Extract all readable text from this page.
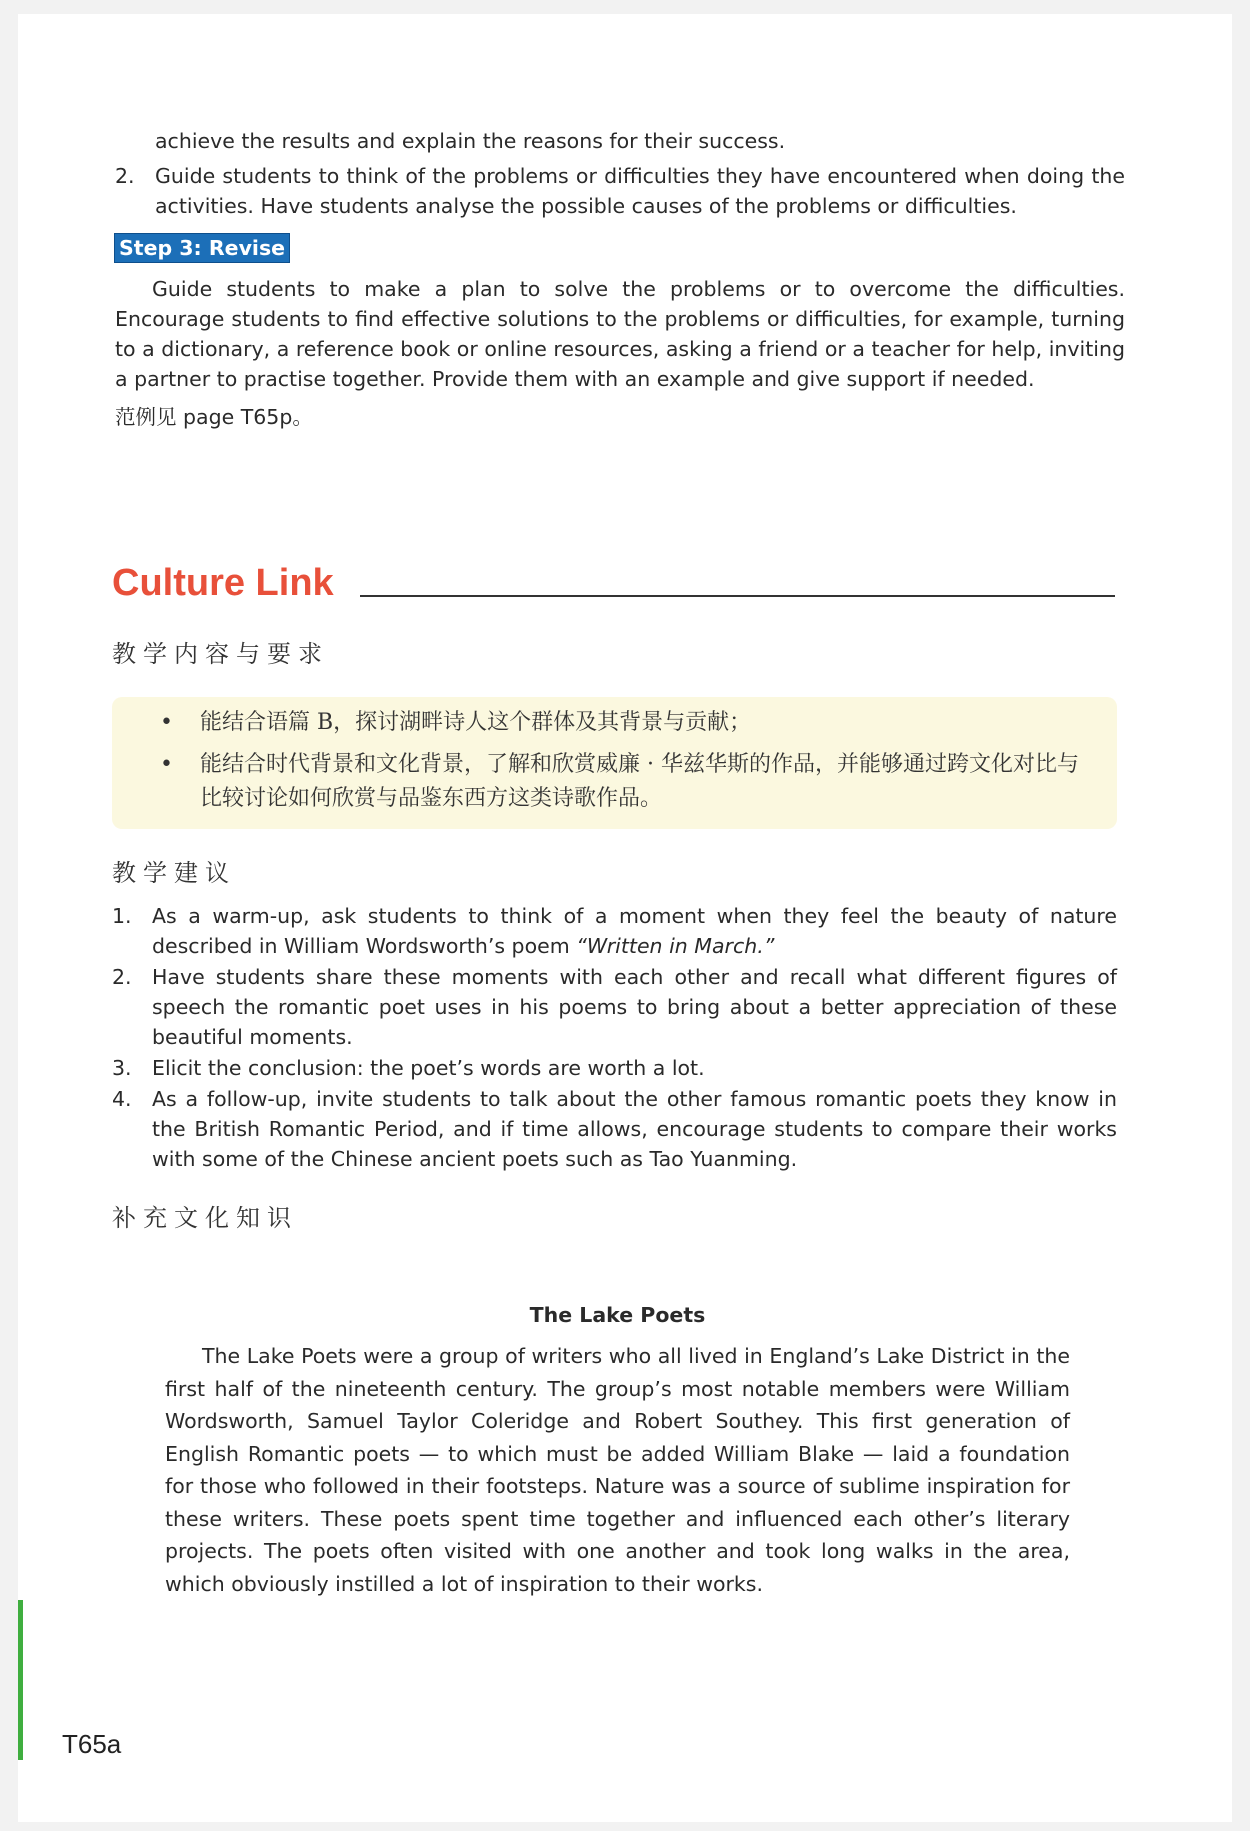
achieve the results and explain the reasons for their success.
2. Guide students to think of the problems or difficulties they have encountered when doing the activities. Have students analyse the possible causes of the problems or difficulties.
Step 3: Revise
Guide students to make a plan to solve the problems or to overcome the difficulties. Encourage students to find effective solutions to the problems or difficulties, for example, turning to a dictionary, a reference book or online resources, asking a friend or a teacher for help, inviting a partner to practise together. Provide them with an example and give support if needed.
范例见 page T65p。
Culture Link
教学内容与要求
• 能结合语篇 B，探讨湖畔诗人这个群体及其背景与贡献；
• 能结合时代背景和文化背景，了解和欣赏威廉 · 华兹华斯的作品，并能够通过跨文化对比与比较讨论如何欣赏与品鉴东西方这类诗歌作品。
教学建议
1. As a warm-up, ask students to think of a moment when they feel the beauty of nature described in William Wordsworth’s poem “Written in March.”
2. Have students share these moments with each other and recall what different figures of speech the romantic poet uses in his poems to bring about a better appreciation of these beautiful moments.
3. Elicit the conclusion: the poet’s words are worth a lot.
4. As a follow-up, invite students to talk about the other famous romantic poets they know in the British Romantic Period, and if time allows, encourage students to compare their works with some of the Chinese ancient poets such as Tao Yuanming.
补充文化知识
The Lake Poets
The Lake Poets were a group of writers who all lived in England’s Lake District in the first half of the nineteenth century. The group’s most notable members were William Wordsworth, Samuel Taylor Coleridge and Robert Southey. This first generation of English Romantic poets — to which must be added William Blake — laid a foundation for those who followed in their footsteps. Nature was a source of sublime inspiration for these writers. These poets spent time together and influenced each other’s literary projects. The poets often visited with one another and took long walks in the area, which obviously instilled a lot of inspiration to their works.
T65a
